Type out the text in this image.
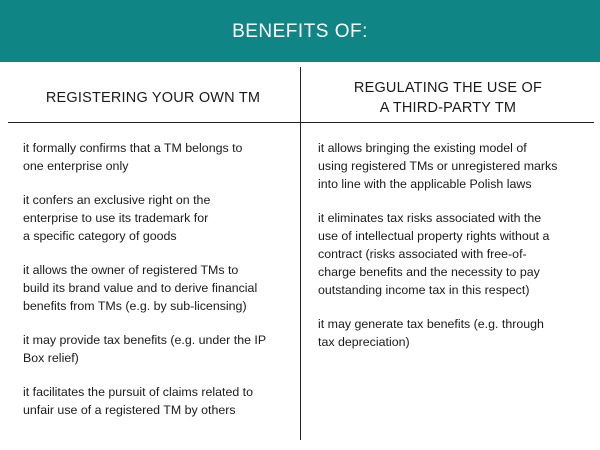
BENEFITS OF:
REGISTERING YOUR OWN TM
REGULATING THE USE OF
A THIRD-PARTY TM
it formally confirms that a TM belongs to
one enterprise only
it confers an exclusive right on the
enterprise to use its trademark for
a specific category of goods
it allows the owner of registered TMs to
build its brand value and to derive financial
benefits from TMs (e.g. by sub-licensing)
it may provide tax benefits (e.g. under the IP
Box relief)
it facilitates the pursuit of claims related to
unfair use of a registered TM by others
it allows bringing the existing model of
using registered TMs or unregistered marks
into line with the applicable Polish laws
it eliminates tax risks associated with the
use of intellectual property rights without a
contract (risks associated with free-of-
charge benefits and the necessity to pay
outstanding income tax in this respect)
it may generate tax benefits (e.g. through
tax depreciation)
